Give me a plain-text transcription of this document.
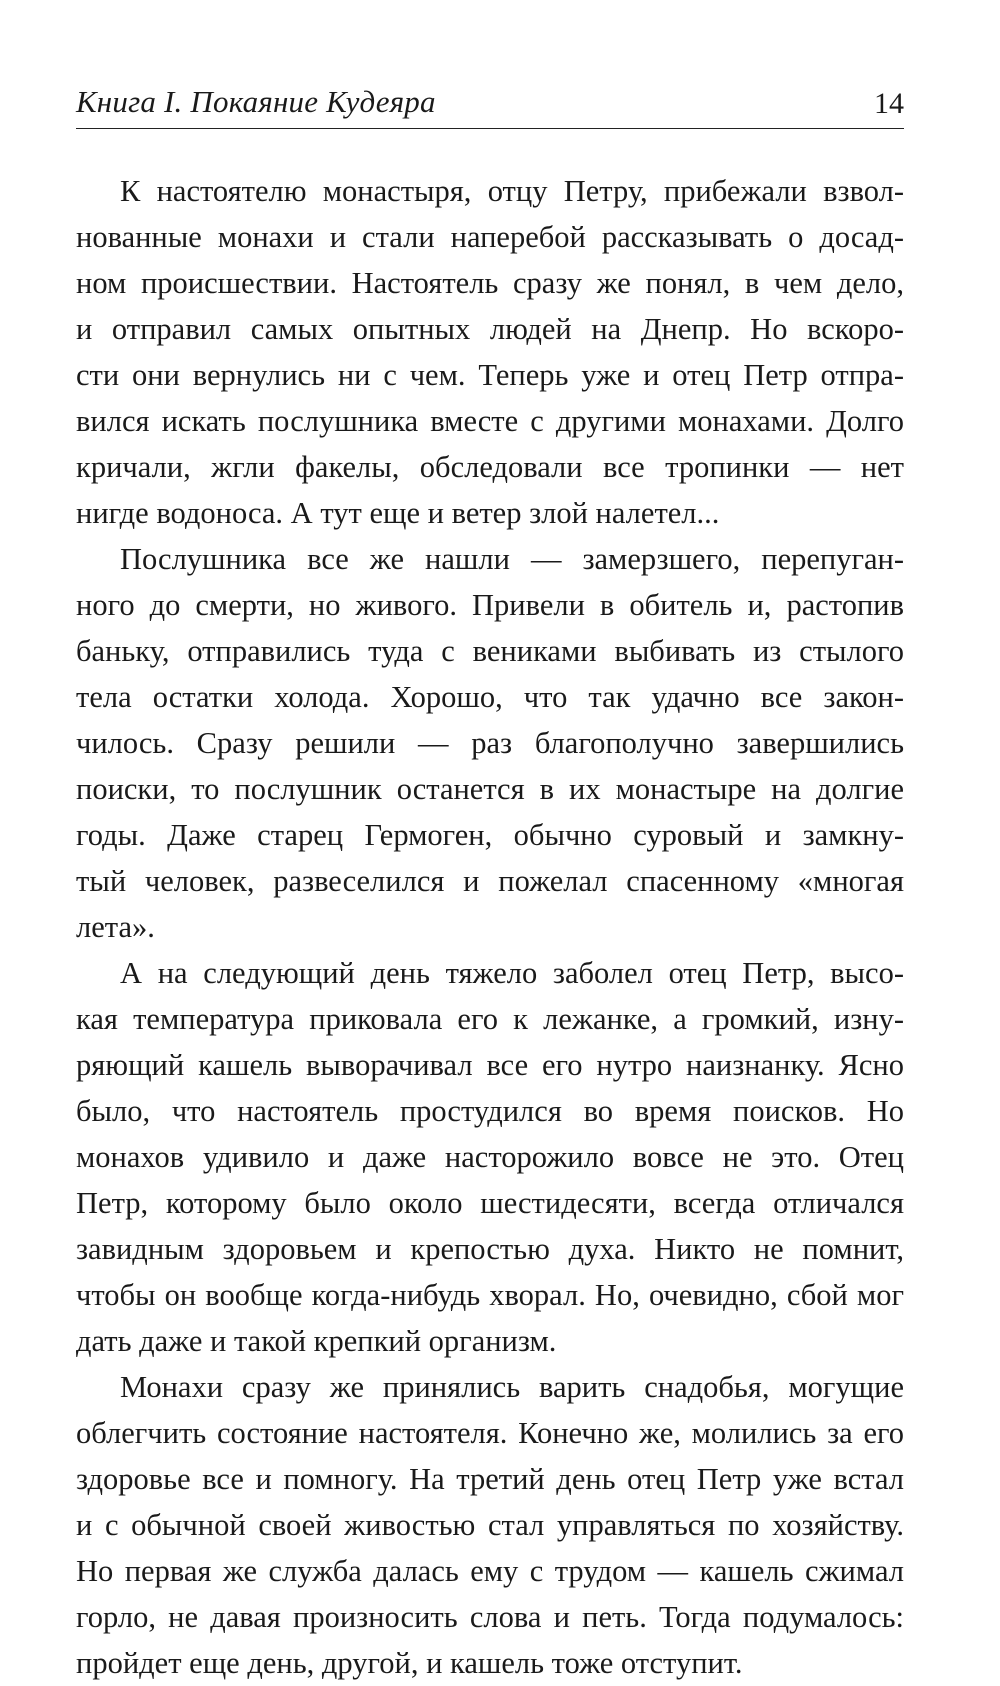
Книга I. Покаяние Кудеяра	14
К настоятелю монастыря, отцу Петру, прибежали взвол-
нованные монахи и стали наперебой рассказывать о досад-
ном происшествии. Настоятель сразу же понял, в чем дело,
и отправил самых опытных людей на Днепр. Но вскоро-
сти они вернулись ни с чем. Теперь уже и отец Петр отпра-
вился искать послушника вместе с другими монахами. Долго
кричали, жгли факелы, обследовали все тропинки — нет
нигде водоноса. А тут еще и ветер злой налетел...
Послушника все же нашли — замерзшего, перепуган-
ного до смерти, но живого. Привели в обитель и, растопив
баньку, отправились туда с вениками выбивать из стылого
тела остатки холода. Хорошо, что так удачно все закон-
чилось. Сразу решили — раз благополучно завершились
поиски, то послушник останется в их монастыре на долгие
годы. Даже старец Гермоген, обычно суровый и замкну-
тый человек, развеселился и пожелал спасенному «многая
лета».
А на следующий день тяжело заболел отец Петр, высо-
кая температура приковала его к лежанке, а громкий, изну-
ряющий кашель выворачивал все его нутро наизнанку. Ясно
было, что настоятель простудился во время поисков. Но
монахов удивило и даже насторожило вовсе не это. Отец
Петр, которому было около шестидесяти, всегда отличался
завидным здоровьем и крепостью духа. Никто не помнит,
чтобы он вообще когда-нибудь хворал. Но, очевидно, сбой мог
дать даже и такой крепкий организм.
Монахи сразу же принялись варить снадобья, могущие
облегчить состояние настоятеля. Конечно же, молились за его
здоровье все и помногу. На третий день отец Петр уже встал
и с обычной своей живостью стал управляться по хозяйству.
Но первая же служба далась ему с трудом — кашель сжимал
горло, не давая произносить слова и петь. Тогда подумалось:
пройдет еще день, другой, и кашель тоже отступит.
